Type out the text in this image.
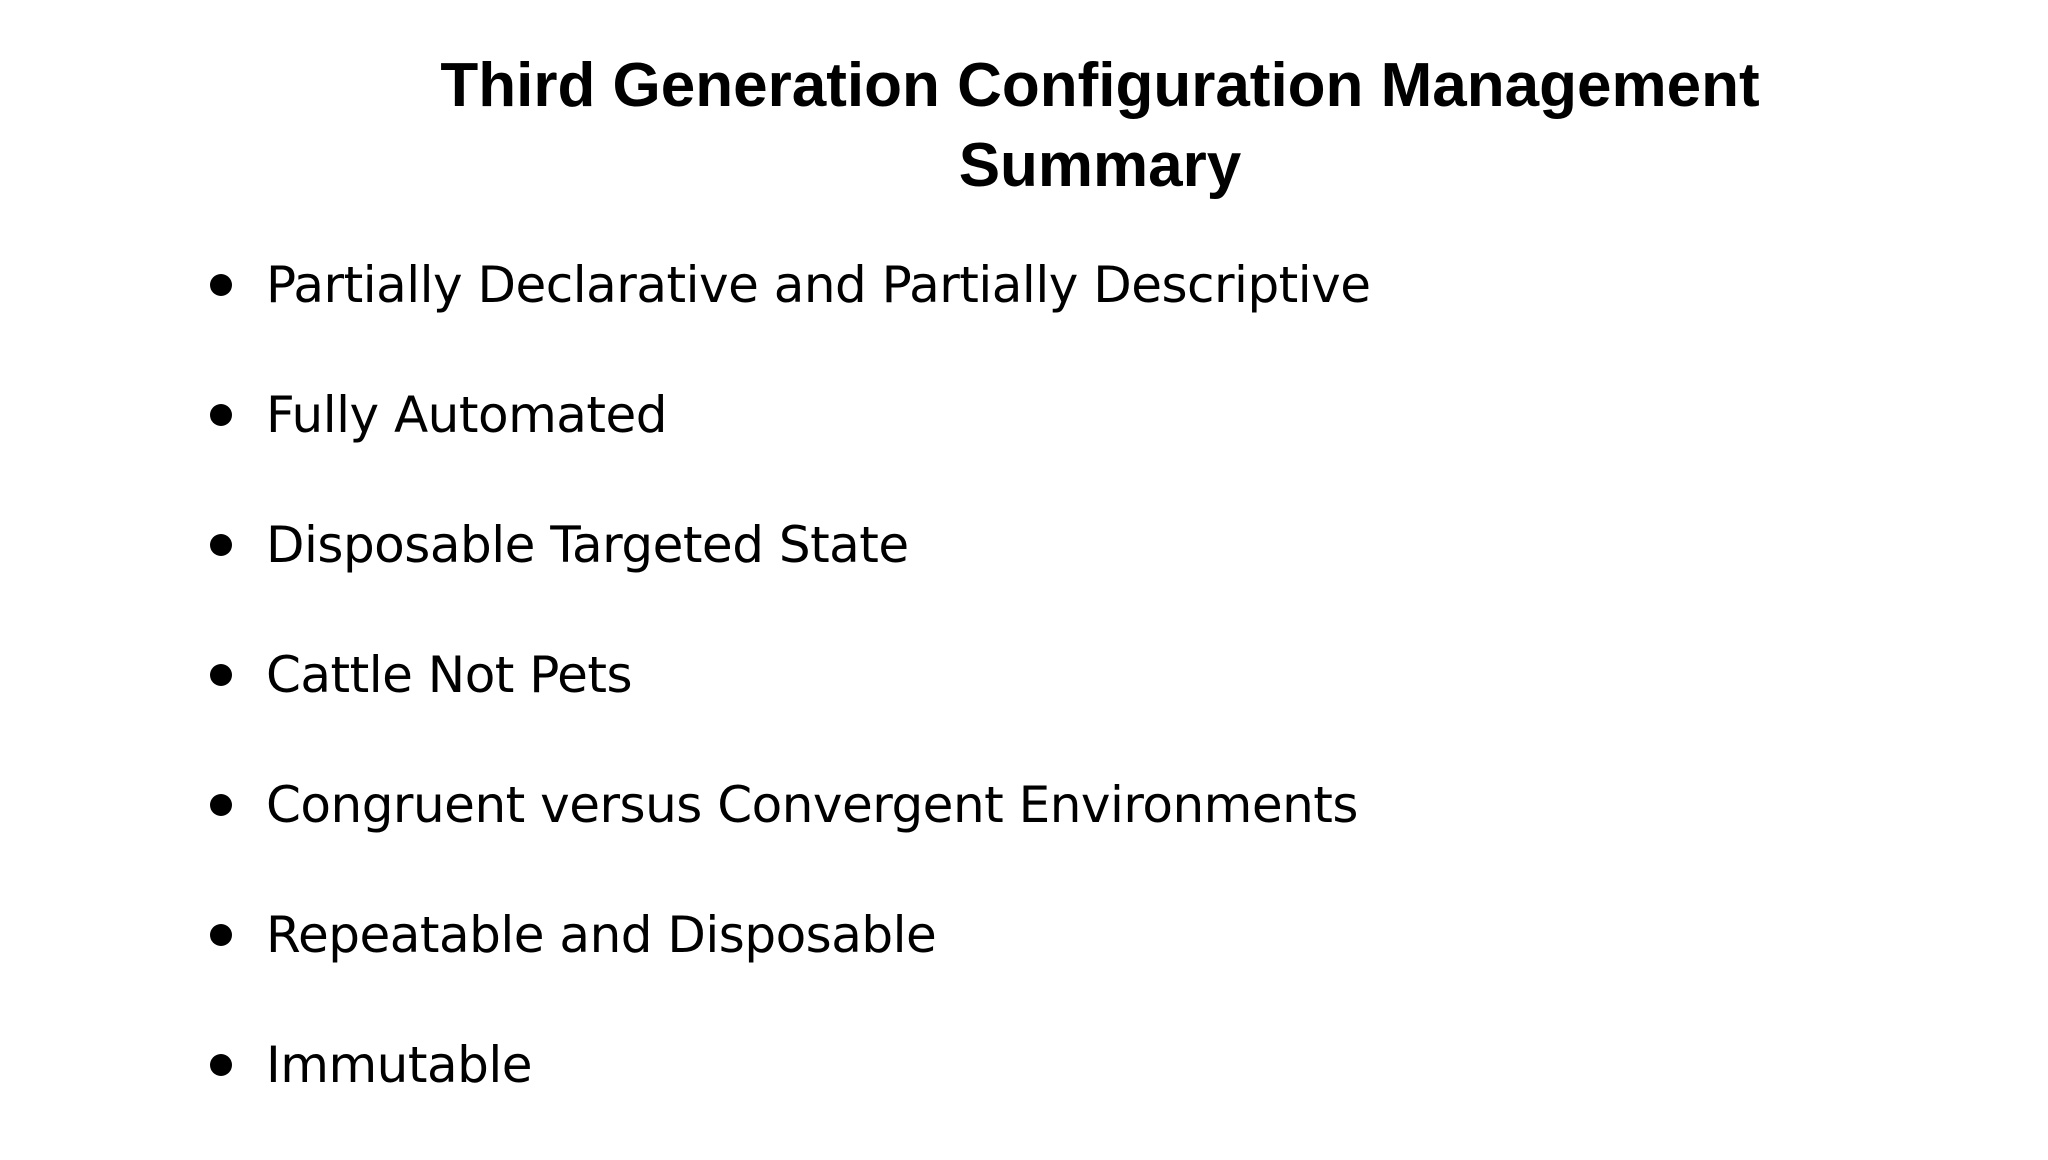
Third Generation Configuration Management
Summary
Partially Declarative and Partially Descriptive
Fully Automated
Disposable Targeted State
Cattle Not Pets
Congruent versus Convergent Environments
Repeatable and Disposable
Immutable
